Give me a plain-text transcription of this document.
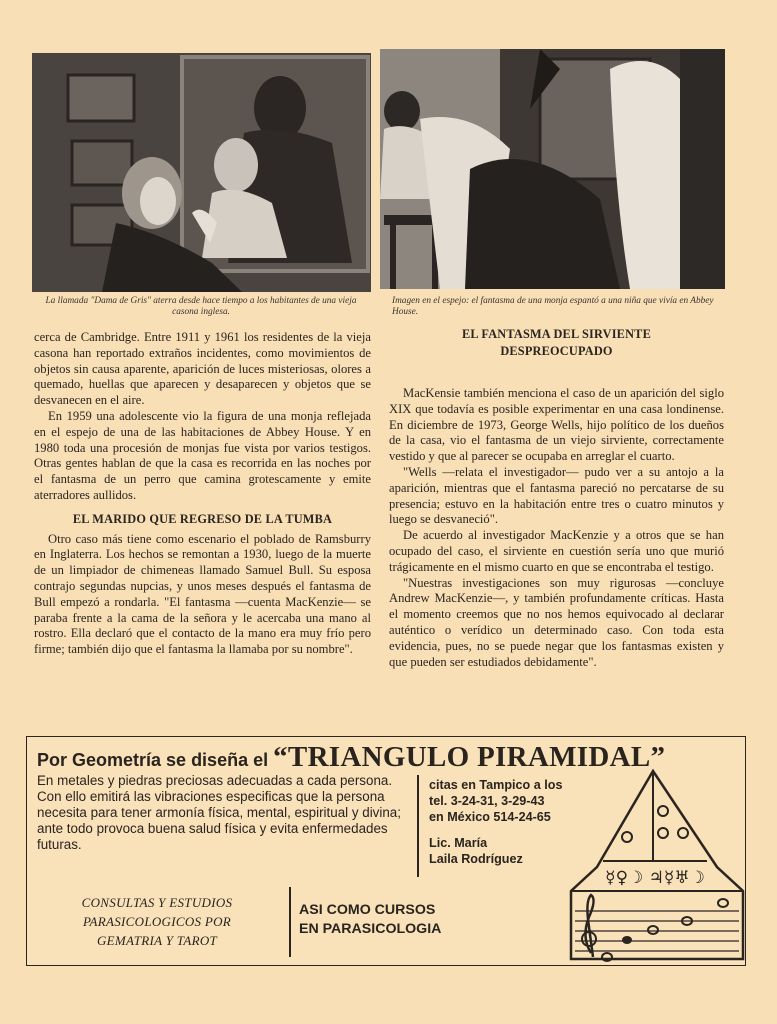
La llamada "Dama de Gris" aterra desde hace tiempo a los habitantes de una vieja casona inglesa.
Imagen en el espejo: el fantasma de una monja espantó a una niña que vivía en Abbey House.

cerca de Cambridge. Entre 1911 y 1961 los residentes de la vieja casona han reportado extraños incidentes, como movimientos de objetos sin causa aparente, aparición de luces misteriosas, olores a quemado, huellas que aparecen y desaparecen y objetos que se desvanecen en el aire.

En 1959 una adolescente vio la figura de una monja reflejada en el espejo de una de las habitaciones de Abbey House. Y en 1980 toda una procesión de monjas fue vista por varios testigos. Otras gentes hablan de que la casa es recorrida en las noches por el fantasma de un perro que camina grotescamente y emite aterradores aullidos.

EL MARIDO QUE REGRESO DE LA TUMBA

Otro caso más tiene como escenario el poblado de Ramsburry en Inglaterra. Los hechos se remontan a 1930, luego de la muerte de un limpiador de chimeneas llamado Samuel Bull. Su esposa contrajo segundas nupcias, y unos meses después el fantasma de Bull empezó a rondarla. "El fantasma —cuenta MacKenzie— se paraba frente a la cama de la señora y le acercaba una mano al rostro. Ella declaró que el contacto de la mano era muy frío pero firme; también dijo que el fantasma la llamaba por su nombre".

EL FANTASMA DEL SIRVIENTE
DESPREOCUPADO

MacKensie también menciona el caso de un aparición del siglo XIX que todavía es posible experimentar en una casa londinense. En diciembre de 1973, George Wells, hijo político de los dueños de la casa, vio el fantasma de un viejo sirviente, correctamente vestido y que al parecer se ocupaba en arreglar el cuarto.

"Wells —relata el investigador— pudo ver a su antojo a la aparición, mientras que el fantasma pareció no percatarse de su presencia; estuvo en la habitación entre tres o cuatro minutos y luego se desvaneció".

De acuerdo al investigador MacKenzie y a otros que se han ocupado del caso, el sirviente en cuestión sería uno que murió trágicamente en el mismo cuarto en que se encontraba el testigo.

"Nuestras investigaciones son muy rigurosas —concluye Andrew MacKenzie—, y también profundamente críticas. Hasta el momento creemos que no nos hemos equivocado al declarar auténtico o verídico un determinado caso. Con toda esta evidencia, pues, no se puede negar que los fantasmas existen y que pueden ser estudiados debidamente".

Por Geometría se diseña el “TRIANGULO PIRAMIDAL”

En metales y piedras preciosas adecuadas a cada persona.

Con ello emitirá las vibraciones especificas que la persona necesita para tener armonía física, mental, espiritual y divina; ante todo provoca buena salud física y evita enfermedades futuras.

citas en Tampico a los

tel. 3-24-31, 3-29-43

en México 514-24-65

Lic. María

Laila Rodríguez

CONSULTAS Y ESTUDIOS

PARASICOLOGICOS POR

GEMATRIA Y TAROT

ASI COMO CURSOS

EN PARASICOLOGIA

☿♀☽ ♃☿♅☽
